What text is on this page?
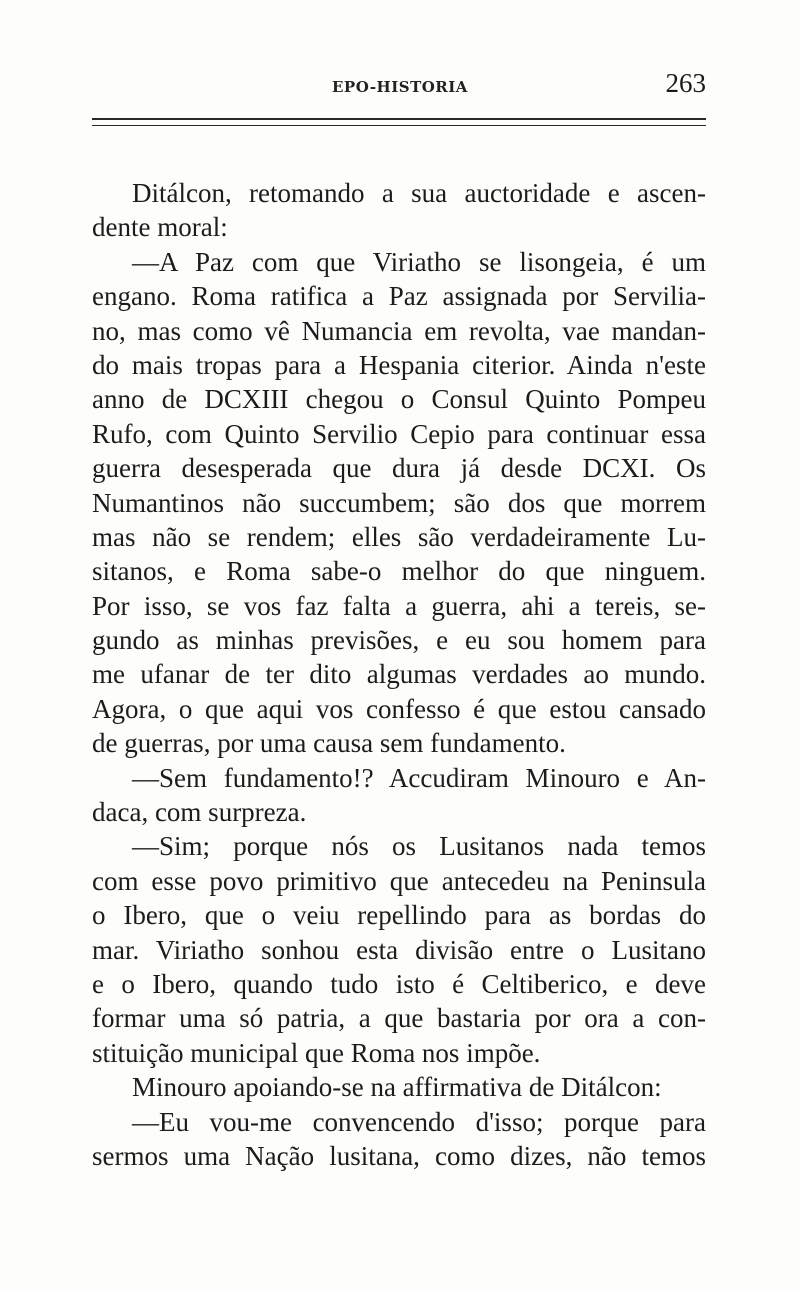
EPO-HISTORIA	263
Ditálcon, retomando a sua auctoridade e ascen-
dente moral:
—A Paz com que Viriatho se lisongeia, é um
engano. Roma ratifica a Paz assignada por Servilia-
no, mas como vê Numancia em revolta, vae mandan-
do mais tropas para a Hespania citerior. Ainda n'este
anno de DCXIII chegou o Consul Quinto Pompeu
Rufo, com Quinto Servilio Cepio para continuar essa
guerra desesperada que dura já desde DCXI. Os
Numantinos não succumbem; são dos que morrem
mas não se rendem; elles são verdadeiramente Lu-
sitanos, e Roma sabe-o melhor do que ninguem.
Por isso, se vos faz falta a guerra, ahi a tereis, se-
gundo as minhas previsões, e eu sou homem para
me ufanar de ter dito algumas verdades ao mundo.
Agora, o que aqui vos confesso é que estou cansado
de guerras, por uma causa sem fundamento.
—Sem fundamento!? Accudiram Minouro e An-
daca, com surpreza.
—Sim; porque nós os Lusitanos nada temos
com esse povo primitivo que antecedeu na Peninsula
o Ibero, que o veiu repellindo para as bordas do
mar. Viriatho sonhou esta divisão entre o Lusitano
e o Ibero, quando tudo isto é Celtiberico, e deve
formar uma só patria, a que bastaria por ora a con-
stituição municipal que Roma nos impõe.
Minouro apoiando-se na affirmativa de Ditálcon:
—Eu vou-me convencendo d'isso; porque para
sermos uma Nação lusitana, como dizes, não temos
